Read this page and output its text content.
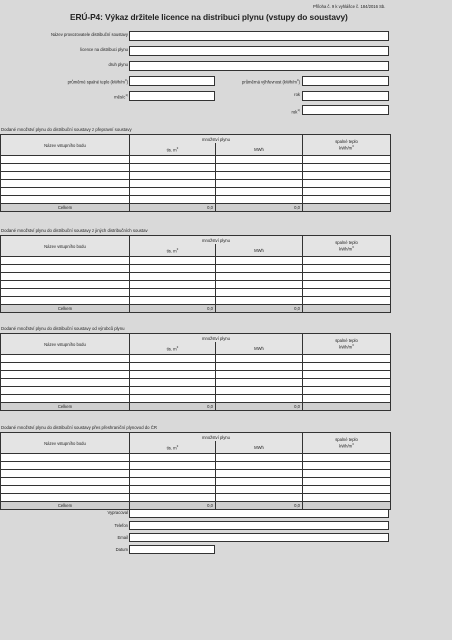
Příloha č. 9 k vyhlášce č. 184/2016 Sb.
ERÚ-P4: Výkaz držitele licence na distribuci plynu (vstupy do soustavy)
Název provozovatele distribuční soustavy
licence na distribuci plynu
druh plynu
průměrné spalné teplo $(kWh/m^3)$	průměrná výhřevnost $(kWh/m^3)$
měsíc$^{1)}$	rok
rok$^{1)}$
Dodané množství plynu do distribuční soustavy z přepravní soustavy
Název vstupního bodu	množství plynu		spalné teplo
kWh/$m^3$

	tis. $m^3$	MWh	

Celkem	0,0	0,0	
Dodané množství plynu do distribuční soustavy z jiných distribučních soustav
Název vstupního bodu	množství plynu		spalné teplo
kWh/$m^3$

	tis. $m^3$	MWh	

Celkem	0,0	0,0	
Dodané množství plynu do distribuční soustavy od výrobců plynu
Název vstupního bodu	množství plynu		spalné teplo
kWh/$m^3$

	tis. $m^3$	MWh	

Celkem	0,0	0,0	
Dodané množství plynu do distribuční soustavy přes přeshraniční plynovod do ČR
Název vstupního bodu	množství plynu		spalné teplo
kWh/$m^3$

	tis. $m^3$	MWh	

Celkem	0,0	0,0	
Vypracoval
Telefon
Email
Datum
